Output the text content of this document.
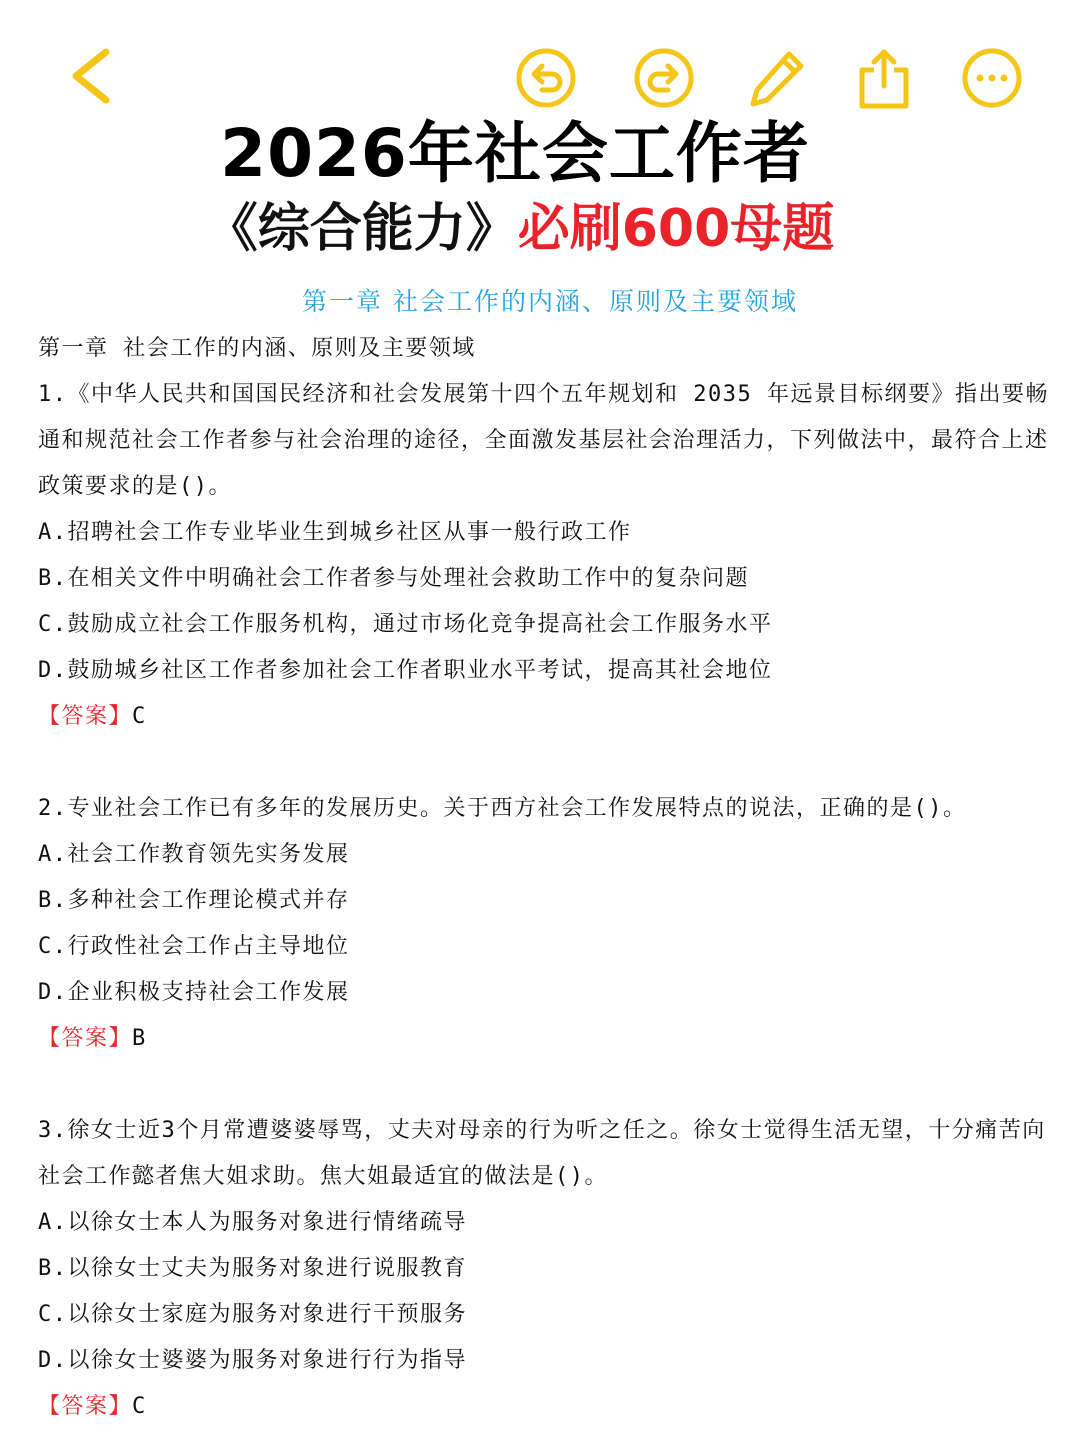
2026年社会工作者
《综合能力》必刷600母题
第一章 社会工作的内涵、原则及主要领域
第一章 社会工作的内涵、原则及主要领域
1.《中华人民共和国国民经济和社会发展第十四个五年规划和 2035 年远景目标纲要》指出要畅通和规范社会工作者参与社会治理的途径，全面激发基层社会治理活力，下列做法中，最符合上述政策要求的是()。
A.招聘社会工作专业毕业生到城乡社区从事一般行政工作
B.在相关文件中明确社会工作者参与处理社会救助工作中的复杂问题
C.鼓励成立社会工作服务机构，通过市场化竞争提高社会工作服务水平
D.鼓励城乡社区工作者参加社会工作者职业水平考试，提高其社会地位
【答案】C
2.专业社会工作已有多年的发展历史。关于西方社会工作发展特点的说法，正确的是()。
A.社会工作教育领先实务发展
B.多种社会工作理论模式并存
C.行政性社会工作占主导地位
D.企业积极支持社会工作发展
【答案】B
3.徐女士近3个月常遭婆婆辱骂，丈夫对母亲的行为听之任之。徐女士觉得生活无望，十分痛苦向社会工作懿者焦大姐求助。焦大姐最适宜的做法是()。
A.以徐女士本人为服务对象进行情绪疏导
B.以徐女士丈夫为服务对象进行说服教育
C.以徐女士家庭为服务对象进行干预服务
D.以徐女士婆婆为服务对象进行行为指导
【答案】C
